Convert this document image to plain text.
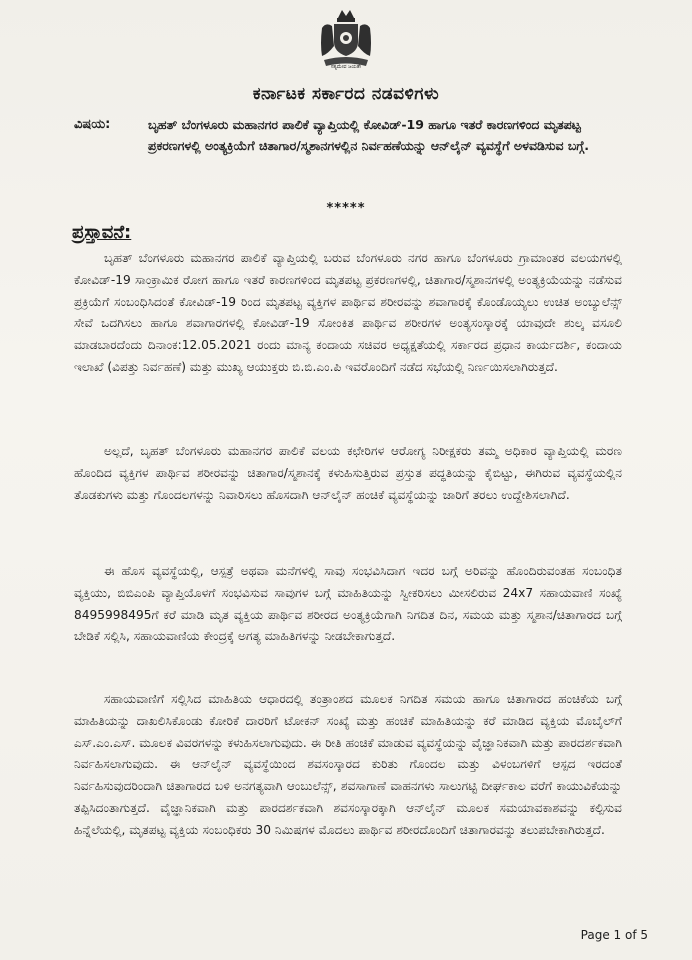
ಸತ್ಯಮೇವ ಜಯತೇ
ಕರ್ನಾಟಕ ಸರ್ಕಾರದ ನಡವಳಿಗಳು
ವಿಷಯ:	ಬೃಹತ್ ಬೆಂಗಳೂರು ಮಹಾನಗರ ಪಾಲಿಕೆ ವ್ಯಾಪ್ತಿಯಲ್ಲಿ ಕೋವಿಡ್-19 ಹಾಗೂ ಇತರೆ ಕಾರಣಗಳಿಂದ ಮೃತಪಟ್ಟ ಪ್ರಕರಣಗಳಲ್ಲಿ ಅಂತ್ಯಕ್ರಿಯೆಗೆ ಚಿತಾಗಾರ/ಸ್ಮಶಾನಗಳಲ್ಲಿನ ನಿರ್ವಹಣೆಯನ್ನು ಆನ್‌ಲೈನ್ ವ್ಯವಸ್ಥೆಗೆ ಅಳವಡಿಸುವ ಬಗ್ಗೆ.
*****
ಪ್ರಸ್ತಾವನೆ:

ಬೃಹತ್ ಬೆಂಗಳೂರು ಮಹಾನಗರ ಪಾಲಿಕೆ ವ್ಯಾಪ್ತಿಯಲ್ಲಿ ಬರುವ ಬೆಂಗಳೂರು ನಗರ ಹಾಗೂ ಬೆಂಗಳೂರು ಗ್ರಾಮಾಂತರ ವಲಯಗಳಲ್ಲಿ ಕೋವಿಡ್-19 ಸಾಂಕ್ರಾಮಿಕ ರೋಗ ಹಾಗೂ ಇತರೆ ಕಾರಣಗಳಿಂದ ಮೃತಪಟ್ಟ ಪ್ರಕರಣಗಳಲ್ಲಿ, ಚಿತಾಗಾರ/ಸ್ಮಶಾನಗಳಲ್ಲಿ ಅಂತ್ಯಕ್ರಿಯೆಯನ್ನು ನಡೆಸುವ ಪ್ರಕ್ರಿಯೆಗೆ ಸಂಬಂಧಿಸಿದಂತೆ ಕೋವಿಡ್-19 ರಿಂದ ಮೃತಪಟ್ಟ ವ್ಯಕ್ತಿಗಳ ಪಾರ್ಥಿವ ಶರೀರವನ್ನು ಶವಾಗಾರಕ್ಕೆ ಕೊಂಡೊಯ್ಯಲು ಉಚಿತ ಅಂಬ್ಯುಲೆನ್ಸ್ ಸೇವೆ ಒದಗಿಸಲು ಹಾಗೂ ಶವಾಗಾರಗಳಲ್ಲಿ ಕೋವಿಡ್-19 ಸೋಂಕಿತ ಪಾರ್ಥಿವ ಶರೀರಗಳ ಅಂತ್ಯಸಂಸ್ಕಾರಕ್ಕೆ ಯಾವುದೇ ಶುಲ್ಕ ವಸೂಲಿ ಮಾಡಬಾರದೆಂದು ದಿನಾಂಕ:12.05.2021 ರಂದು ಮಾನ್ಯ ಕಂದಾಯ ಸಚಿವರ ಅಧ್ಯಕ್ಷತೆಯಲ್ಲಿ ಸರ್ಕಾರದ ಪ್ರಧಾನ ಕಾರ್ಯದರ್ಶಿ, ಕಂದಾಯ ಇಲಾಖೆ (ವಿಪತ್ತು ನಿರ್ವಹಣೆ) ಮತ್ತು ಮುಖ್ಯ ಆಯುಕ್ತರು ಬಿ.ಬಿ.ಎಂ.ಪಿ ಇವರೊಂದಿಗೆ ನಡೆದ ಸಭೆಯಲ್ಲಿ ನಿರ್ಣಯಿಸಲಾಗಿರುತ್ತದೆ.

ಅಲ್ಲದೆ, ಬೃಹತ್ ಬೆಂಗಳೂರು ಮಹಾನಗರ ಪಾಲಿಕೆ ವಲಯ ಕಛೇರಿಗಳ ಆರೋಗ್ಯ ನಿರೀಕ್ಷಕರು ತಮ್ಮ ಅಧಿಕಾರ ವ್ಯಾಪ್ತಿಯಲ್ಲಿ ಮರಣ ಹೊಂದಿದ ವ್ಯಕ್ತಿಗಳ ಪಾರ್ಥಿವ ಶರೀರವನ್ನು ಚಿತಾಗಾರ/ಸ್ಮಶಾನಕ್ಕೆ ಕಳುಹಿಸುತ್ತಿರುವ ಪ್ರಸ್ತುತ ಪದ್ಧತಿಯನ್ನು ಕೈಬಿಟ್ಟು, ಈಗಿರುವ ವ್ಯವಸ್ಥೆಯಲ್ಲಿನ ತೊಡಕುಗಳು ಮತ್ತು ಗೊಂದಲಗಳನ್ನು ನಿವಾರಿಸಲು ಹೊಸದಾಗಿ ಆನ್‌ಲೈನ್ ಹಂಚಿಕೆ ವ್ಯವಸ್ಥೆಯನ್ನು ಜಾರಿಗೆ ತರಲು ಉದ್ದೇಶಿಸಲಾಗಿದೆ.

ಈ ಹೊಸ ವ್ಯವಸ್ಥೆಯಲ್ಲಿ, ಆಸ್ಪತ್ರೆ ಅಥವಾ ಮನೆಗಳಲ್ಲಿ ಸಾವು ಸಂಭವಿಸಿದಾಗ ಇದರ ಬಗ್ಗೆ ಅರಿವನ್ನು ಹೊಂದಿರುವಂತಹ ಸಂಬಂಧಿತ ವ್ಯಕ್ತಿಯು, ಬಿಬಿಎಂಪಿ ವ್ಯಾಪ್ತಿಯೊಳಗೆ ಸಂಭವಿಸುವ ಸಾವುಗಳ ಬಗ್ಗೆ ಮಾಹಿತಿಯನ್ನು ಸ್ವೀಕರಿಸಲು ಮೀಸಲಿರುವ 24x7 ಸಹಾಯವಾಣಿ ಸಂಖ್ಯೆ 8495998495ಗೆ ಕರೆ ಮಾಡಿ ಮೃತ ವ್ಯಕ್ತಿಯ ಪಾರ್ಥಿವ ಶರೀರದ ಅಂತ್ಯಕ್ರಿಯೆಗಾಗಿ ನಿಗದಿತ ದಿನ, ಸಮಯ ಮತ್ತು ಸ್ಮಶಾನ/ಚಿತಾಗಾರದ ಬಗ್ಗೆ ಬೇಡಿಕೆ ಸಲ್ಲಿಸಿ, ಸಹಾಯವಾಣಿಯ ಕೇಂದ್ರಕ್ಕೆ ಅಗತ್ಯ ಮಾಹಿತಿಗಳನ್ನು ನೀಡಬೇಕಾಗುತ್ತದೆ.

ಸಹಾಯವಾಣಿಗೆ ಸಲ್ಲಿಸಿದ ಮಾಹಿತಿಯ ಆಧಾರದಲ್ಲಿ ತಂತ್ರಾಂಶದ ಮೂಲಕ ನಿಗದಿತ ಸಮಯ ಹಾಗೂ ಚಿತಾಗಾರದ ಹಂಚಿಕೆಯ ಬಗ್ಗೆ ಮಾಹಿತಿಯನ್ನು ದಾಖಲಿಸಿಕೊಂಡು ಕೋರಿಕೆ ದಾರರಿಗೆ ಟೋಕನ್ ಸಂಖ್ಯೆ ಮತ್ತು ಹಂಚಿಕೆ ಮಾಹಿತಿಯನ್ನು ಕರೆ ಮಾಡಿದ ವ್ಯಕ್ತಿಯ ಮೊಬೈಲ್‌ಗೆ ಎಸ್.ಎಂ.ಎಸ್. ಮೂಲಕ ವಿವರಗಳನ್ನು ಕಳುಹಿಸಲಾಗುವುದು. ಈ ರೀತಿ ಹಂಚಿಕೆ ಮಾಡುವ ವ್ಯವಸ್ಥೆಯನ್ನು ವೈಜ್ಞಾನಿಕವಾಗಿ ಮತ್ತು ಪಾರದರ್ಶಕವಾಗಿ ನಿರ್ವಹಿಸಲಾಗುವುದು. ಈ ಆನ್‌ಲೈನ್ ವ್ಯವಸ್ಥೆಯಿಂದ ಶವಸಂಸ್ಕಾರದ ಕುರಿತು ಗೊಂದಲ ಮತ್ತು ವಿಳಂಬಗಳಿಗೆ ಆಸ್ಪದ ಇರದಂತೆ ನಿರ್ವಹಿಸುವುದರಿಂದಾಗಿ ಚಿತಾಗಾರದ ಬಳಿ ಅನಗತ್ಯವಾಗಿ ಆಂಬುಲೆನ್ಸ್, ಶವಸಾಗಾಣೆ ವಾಹನಗಳು ಸಾಲುಗಟ್ಟಿ ದೀರ್ಘಕಾಲ ವರೆಗೆ ಕಾಯುವಿಕೆಯನ್ನು ತಪ್ಪಿಸಿದಂತಾಗುತ್ತದೆ. ವೈಜ್ಞಾನಿಕವಾಗಿ ಮತ್ತು ಪಾರದರ್ಶಕವಾಗಿ ಶವಸಂಸ್ಕಾರಕ್ಕಾಗಿ ಆನ್‌ಲೈನ್ ಮೂಲಕ ಸಮಯಾವಕಾಶವನ್ನು ಕಲ್ಪಿಸುವ ಹಿನ್ನೆಲೆಯಲ್ಲಿ, ಮೃತಪಟ್ಟ ವ್ಯಕ್ತಿಯ ಸಂಬಂಧಿಕರು 30 ನಿಮಿಷಗಳ ಮೊದಲು ಪಾರ್ಥಿವ ಶರೀರದೊಂದಿಗೆ ಚಿತಾಗಾರವನ್ನು ತಲುಪಬೇಕಾಗಿರುತ್ತದೆ.

Page 1 of 5
